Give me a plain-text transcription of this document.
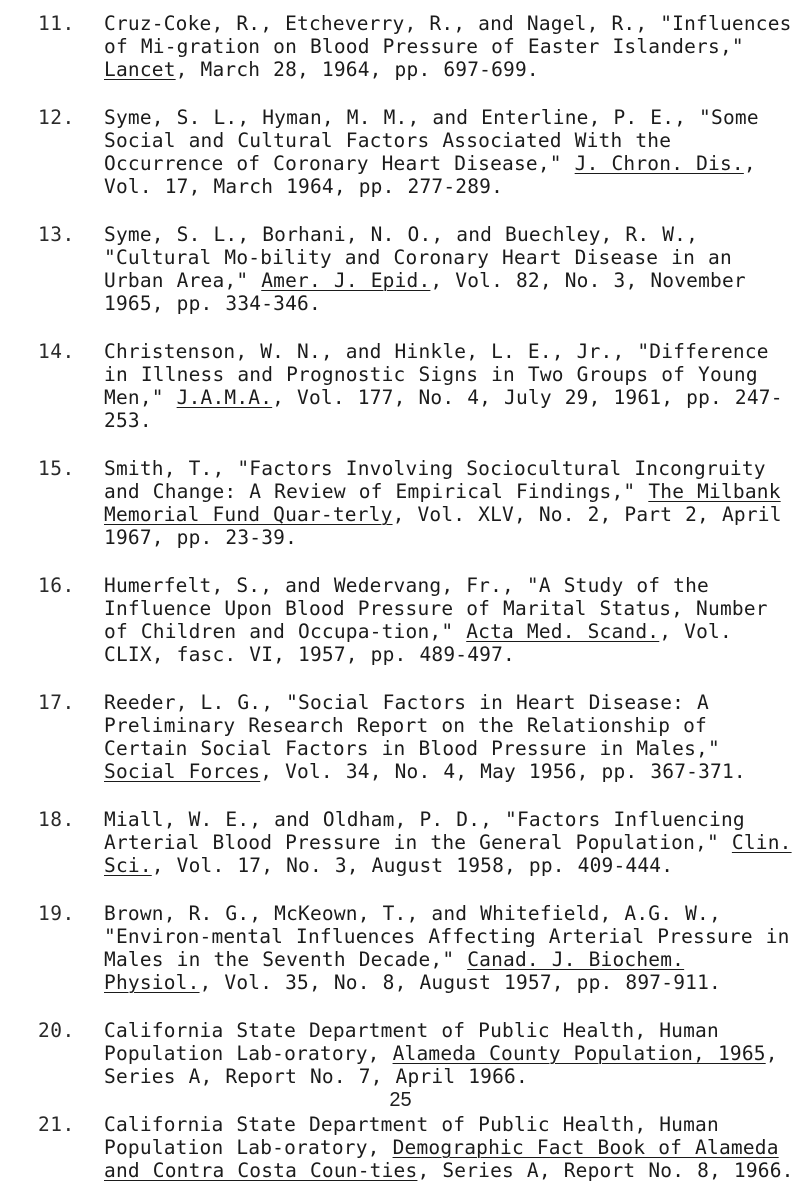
11. Cruz-Coke, R., Etcheverry, R., and Nagel, R., "Influences of Mi-gration on Blood Pressure of Easter Islanders," Lancet, March 28, 1964, pp. 697-699.
12. Syme, S. L., Hyman, M. M., and Enterline, P. E., "Some Social and Cultural Factors Associated With the Occurrence of Coronary Heart Disease," J. Chron. Dis., Vol. 17, March 1964, pp. 277-289.
13. Syme, S. L., Borhani, N. O., and Buechley, R. W., "Cultural Mo-bility and Coronary Heart Disease in an Urban Area," Amer. J. Epid., Vol. 82, No. 3, November 1965, pp. 334-346.
14. Christenson, W. N., and Hinkle, L. E., Jr., "Difference in Illness and Prognostic Signs in Two Groups of Young Men," J.A.M.A., Vol. 177, No. 4, July 29, 1961, pp. 247-253.
15. Smith, T., "Factors Involving Sociocultural Incongruity and Change: A Review of Empirical Findings," The Milbank Memorial Fund Quar-terly, Vol. XLV, No. 2, Part 2, April 1967, pp. 23-39.
16. Humerfelt, S., and Wedervang, Fr., "A Study of the Influence Upon Blood Pressure of Marital Status, Number of Children and Occupa-tion," Acta Med. Scand., Vol. CLIX, fasc. VI, 1957, pp. 489-497.
17. Reeder, L. G., "Social Factors in Heart Disease: A Preliminary Research Report on the Relationship of Certain Social Factors in Blood Pressure in Males," Social Forces, Vol. 34, No. 4, May 1956, pp. 367-371.
18. Miall, W. E., and Oldham, P. D., "Factors Influencing Arterial Blood Pressure in the General Population," Clin. Sci., Vol. 17, No. 3, August 1958, pp. 409-444.
19. Brown, R. G., McKeown, T., and Whitefield, A.G. W., "Environ-mental Influences Affecting Arterial Pressure in Males in the Seventh Decade," Canad. J. Biochem. Physiol., Vol. 35, No. 8, August 1957, pp. 897-911.
20. California State Department of Public Health, Human Population Lab-oratory, Alameda County Population, 1965, Series A, Report No. 7, April 1966.
21. California State Department of Public Health, Human Population Lab-oratory, Demographic Fact Book of Alameda and Contra Costa Coun-ties, Series A, Report No. 8, 1966.
25
